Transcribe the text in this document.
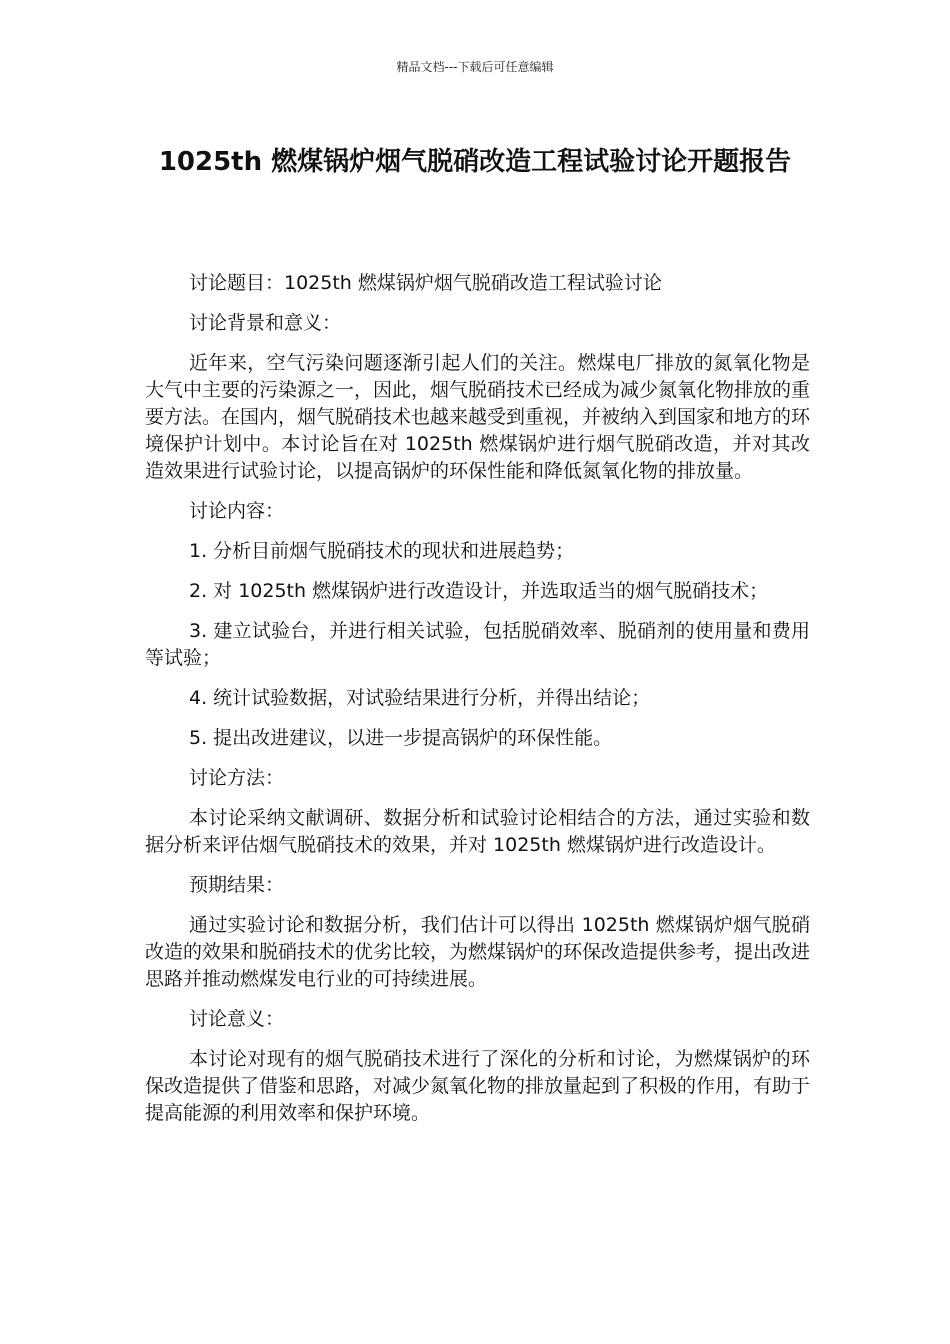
精品文档---下载后可任意编辑
1025th 燃煤锅炉烟气脱硝改造工程试验讨论开题报告

讨论题目：1025th 燃煤锅炉烟气脱硝改造工程试验讨论

讨论背景和意义：

近年来，空气污染问题逐渐引起人们的关注。燃煤电厂排放的氮氧化物是大气中主要的污染源之一，因此，烟气脱硝技术已经成为减少氮氧化物排放的重要方法。在国内，烟气脱硝技术也越来越受到重视，并被纳入到国家和地方的环境保护计划中。本讨论旨在对 1025th 燃煤锅炉进行烟气脱硝改造，并对其改造效果进行试验讨论，以提高锅炉的环保性能和降低氮氧化物的排放量。

讨论内容：

1. 分析目前烟气脱硝技术的现状和进展趋势；

2. 对 1025th 燃煤锅炉进行改造设计，并选取适当的烟气脱硝技术；

3. 建立试验台，并进行相关试验，包括脱硝效率、脱硝剂的使用量和费用等试验；

4. 统计试验数据，对试验结果进行分析，并得出结论；

5. 提出改进建议，以进一步提高锅炉的环保性能。

讨论方法：

本讨论采纳文献调研、数据分析和试验讨论相结合的方法，通过实验和数据分析来评估烟气脱硝技术的效果，并对 1025th 燃煤锅炉进行改造设计。

预期结果：

通过实验讨论和数据分析，我们估计可以得出 1025th 燃煤锅炉烟气脱硝改造的效果和脱硝技术的优劣比较，为燃煤锅炉的环保改造提供参考，提出改进思路并推动燃煤发电行业的可持续进展。

讨论意义：

本讨论对现有的烟气脱硝技术进行了深化的分析和讨论，为燃煤锅炉的环保改造提供了借鉴和思路，对减少氮氧化物的排放量起到了积极的作用，有助于提高能源的利用效率和保护环境。
